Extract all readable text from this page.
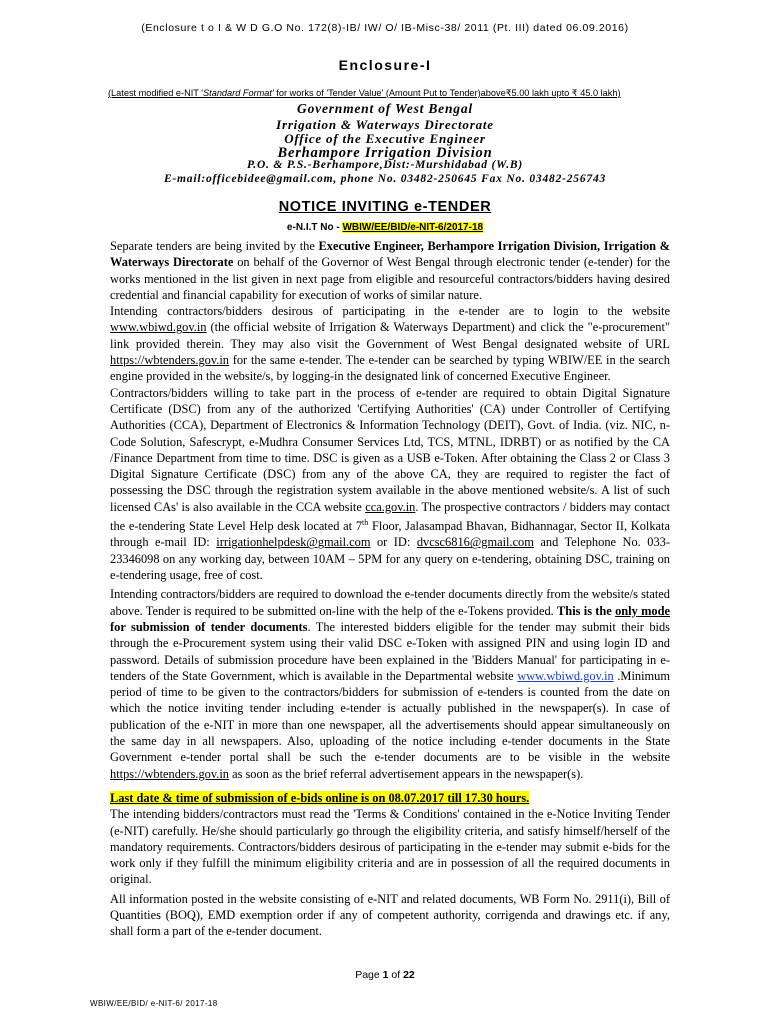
(Enclosure t o I & W D G.O No. 172(8)-IB/ IW/ O/ IB-Misc-38/ 2011 (Pt. III) dated 06.09.2016)
Enclosure-I
(Latest modified e-NIT 'Standard Format' for works of 'Tender Value' (Amount Put to Tender)above₹5.00 lakh upto ₹ 45.0 lakh)
Government of West Bengal
Irrigation & Waterways Directorate
Office of the Executive Engineer
Berhampore Irrigation Division
P.O. & P.S.-Berhampore,Dist:-Murshidabad (W.B)
E-mail:officebidee@gmail.com, phone No. 03482-250645 Fax No. 03482-256743
NOTICE INVITING e-TENDER
e-N.I.T No - WBIW/EE/BID/e-NIT-6/2017-18

Separate tenders are being invited by the Executive Engineer, Berhampore Irrigation Division, Irrigation & Waterways Directorate on behalf of the Governor of West Bengal through electronic tender (e-tender) for the works mentioned in the list given in next page from eligible and resourceful contractors/bidders having desired credential and financial capability for execution of works of similar nature.

Intending contractors/bidders desirous of participating in the e-tender are to login to the website www.wbiwd.gov.in (the official website of Irrigation & Waterways Department) and click the "e-procurement" link provided therein. They may also visit the Government of West Bengal designated website of URL https://wbtenders.gov.in for the same e-tender. The e-tender can be searched by typing WBIW/EE in the search engine provided in the website/s, by logging-in the designated link of concerned Executive Engineer.

Contractors/bidders willing to take part in the process of e-tender are required to obtain Digital Signature Certificate (DSC) from any of the authorized 'Certifying Authorities' (CA) under Controller of Certifying Authorities (CCA), Department of Electronics & Information Technology (DEIT), Govt. of India. (viz. NIC, n-Code Solution, Safescrypt, e-Mudhra Consumer Services Ltd, TCS, MTNL, IDRBT) or as notified by the CA /Finance Department from time to time. DSC is given as a USB e-Token. After obtaining the Class 2 or Class 3 Digital Signature Certificate (DSC) from any of the above CA, they are required to register the fact of possessing the DSC through the registration system available in the above mentioned website/s. A list of such licensed CAs' is also available in the CCA website cca.gov.in. The prospective contractors / bidders may contact the e-tendering State Level Help desk located at 7th Floor, Jalasampad Bhavan, Bidhannagar, Sector II, Kolkata through e-mail ID: irrigationhelpdesk@gmail.com or ID: dvcsc6816@gmail.com and Telephone No. 033-23346098 on any working day, between 10AM – 5PM for any query on e-tendering, obtaining DSC, training on e-tendering usage, free of cost.

Intending contractors/bidders are required to download the e-tender documents directly from the website/s stated above. Tender is required to be submitted on-line with the help of the e-Tokens provided. This is the only mode for submission of tender documents. The interested bidders eligible for the tender may submit their bids through the e-Procurement system using their valid DSC e-Token with assigned PIN and using login ID and password. Details of submission procedure have been explained in the 'Bidders Manual' for participating in e-tenders of the State Government, which is available in the Departmental website www.wbiwd.gov.in .Minimum period of time to be given to the contractors/bidders for submission of e-tenders is counted from the date on which the notice inviting tender including e-tender is actually published in the newspaper(s). In case of publication of the e-NIT in more than one newspaper, all the advertisements should appear simultaneously on the same day in all newspapers. Also, uploading of the notice including e-tender documents in the State Government e-tender portal shall be such the e-tender documents are to be visible in the website https://wbtenders.gov.in as soon as the brief referral advertisement appears in the newspaper(s).

Last date & time of submission of e-bids online is on 08.07.2017 till 17.30 hours.

The intending bidders/contractors must read the 'Terms & Conditions' contained in the e-Notice Inviting Tender (e-NIT) carefully. He/she should particularly go through the eligibility criteria, and satisfy himself/herself of the mandatory requirements. Contractors/bidders desirous of participating in the e-tender may submit e-bids for the work only if they fulfill the minimum eligibility criteria and are in possession of all the required documents in original.

All information posted in the website consisting of e-NIT and related documents, WB Form No. 2911(i), Bill of Quantities (BOQ), EMD exemption order if any of competent authority, corrigenda and drawings etc. if any, shall form a part of the e-tender document.

Page 1 of 22
WBIW/EE/BID/ e-NIT-6/ 2017-18
